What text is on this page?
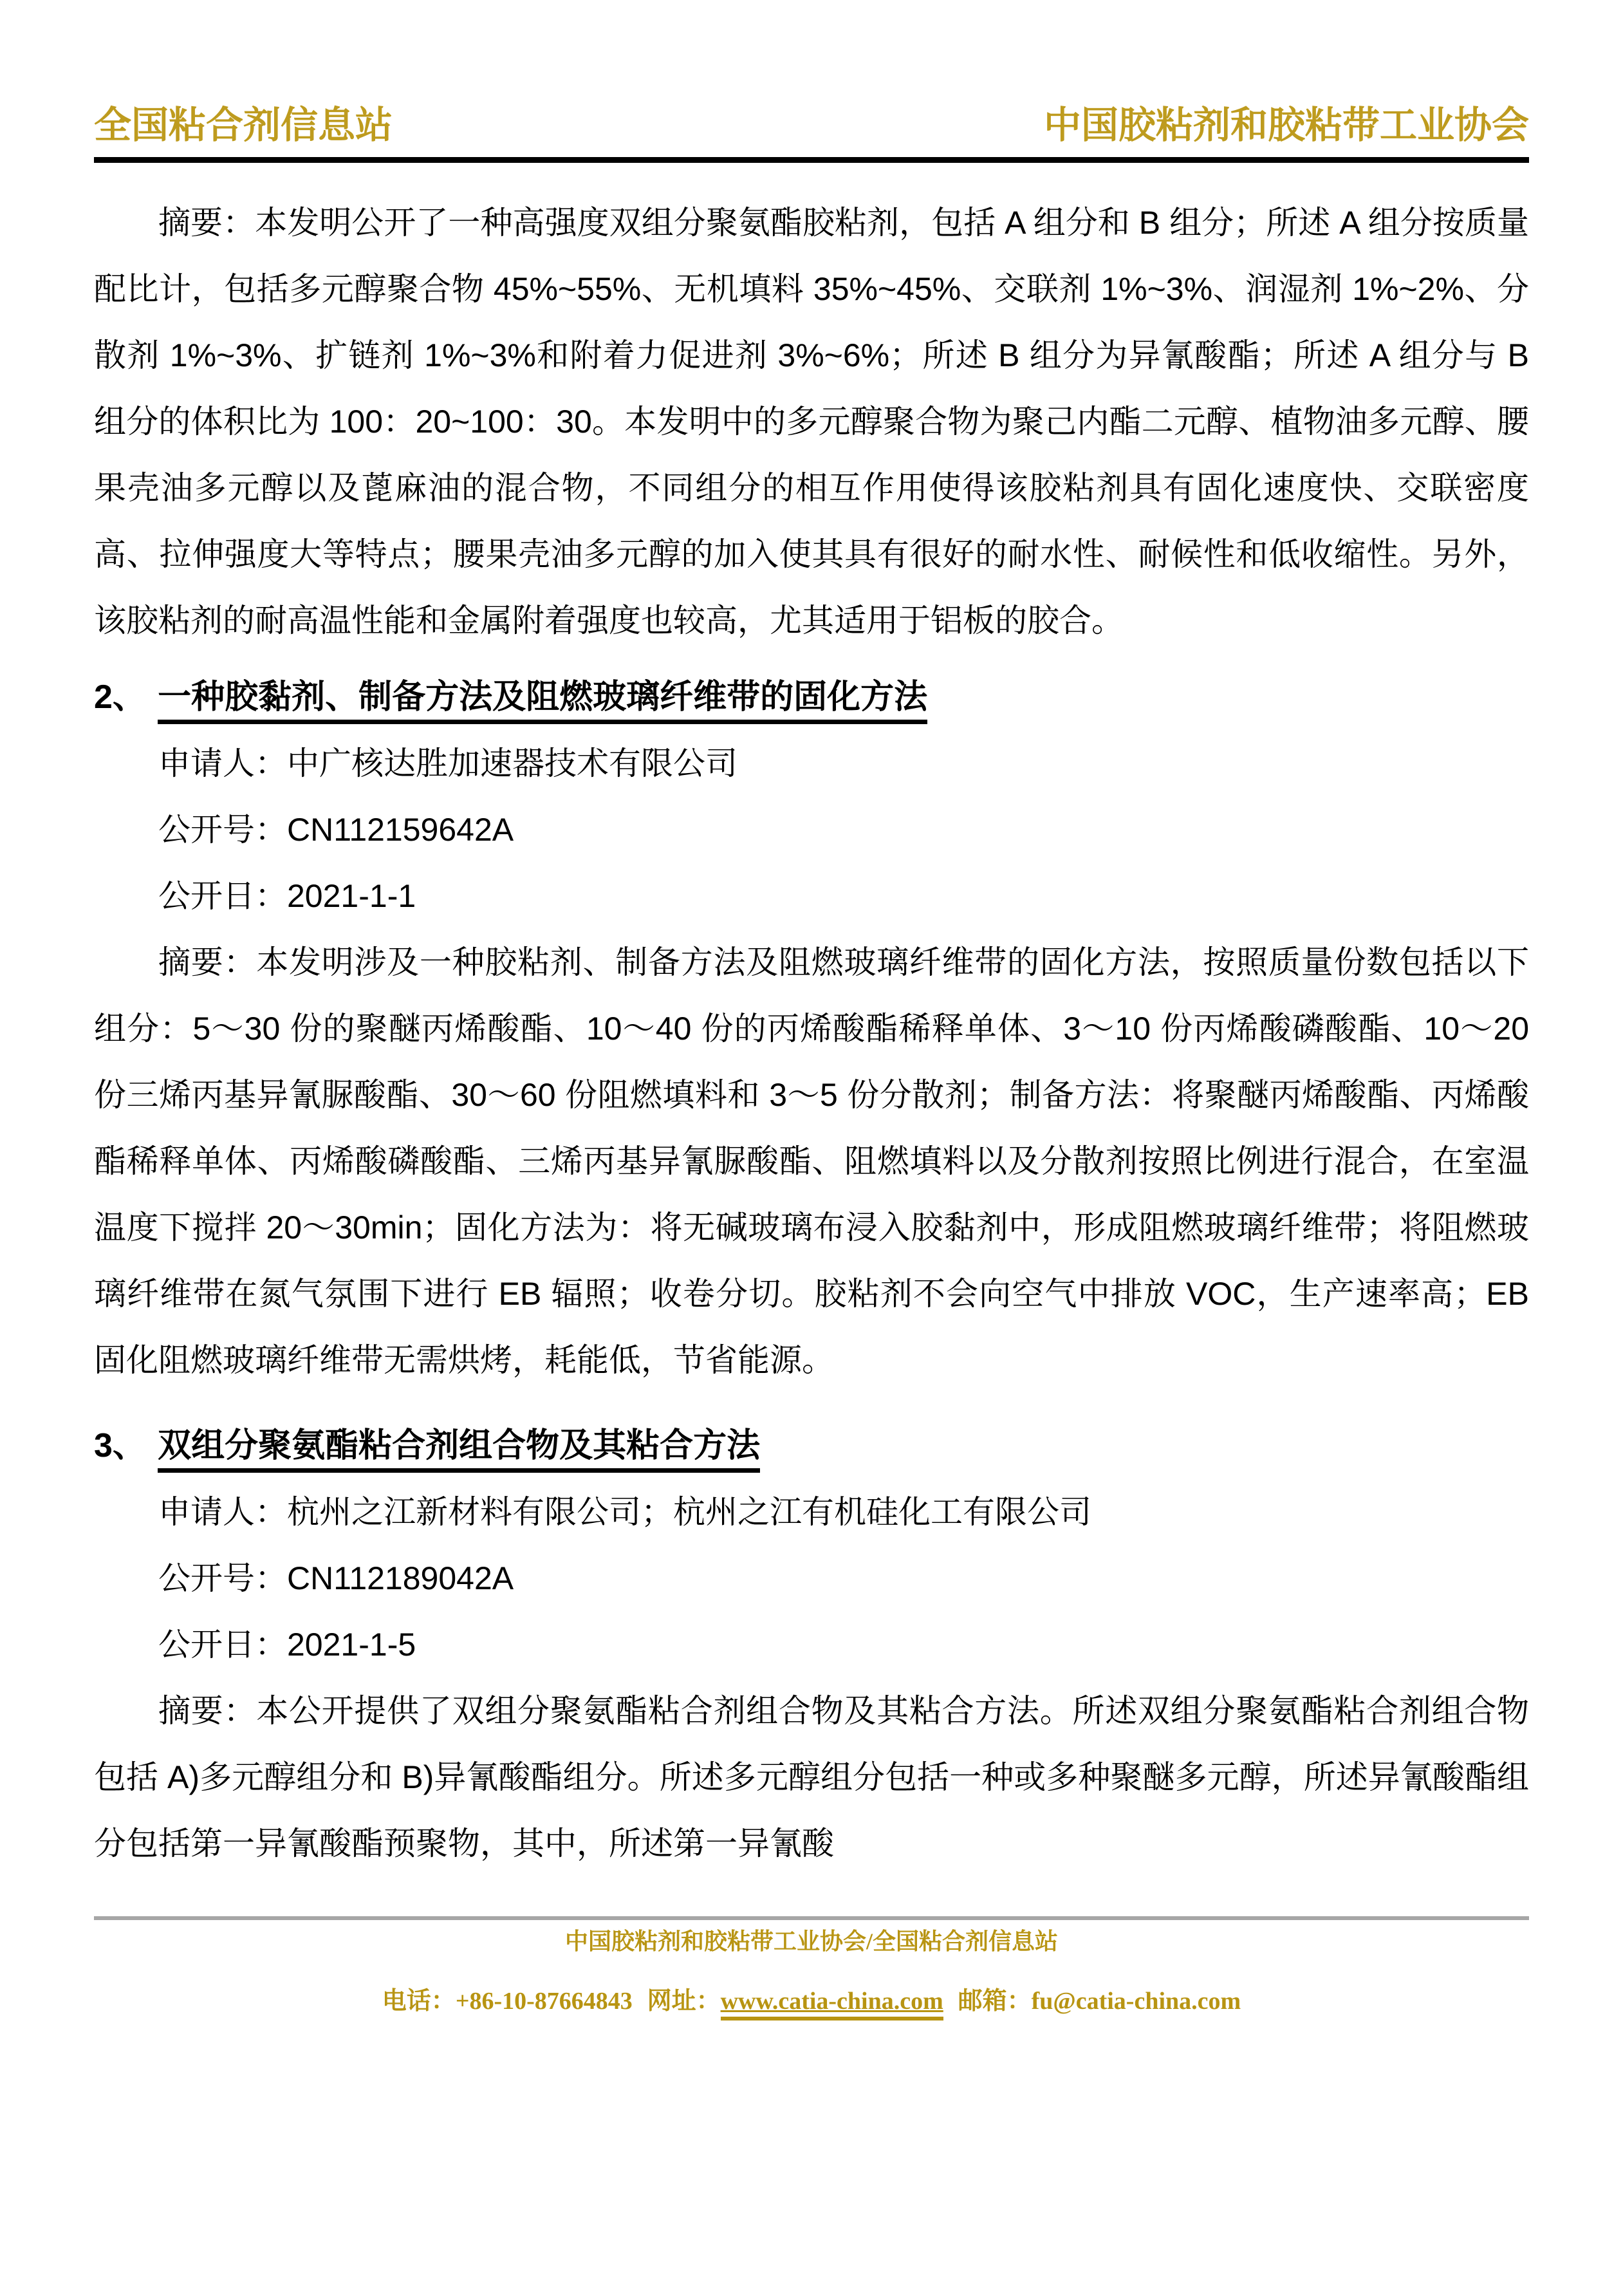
全国粘合剂信息站	中国胶粘剂和胶粘带工业协会

摘要：本发明公开了一种高强度双组分聚氨酯胶粘剂，包括 A 组分和 B 组分；所述 A 组分按质量配比计，包括多元醇聚合物 45%~55%、无机填料 35%~45%、交联剂 1%~3%、润湿剂 1%~2%、分散剂 1%~3%、扩链剂 1%~3%和附着力促进剂 3%~6%；所述 B 组分为异氰酸酯；所述 A 组分与 B 组分的体积比为 100：20~100：30。本发明中的多元醇聚合物为聚己内酯二元醇、植物油多元醇、腰果壳油多元醇以及蓖麻油的混合物，不同组分的相互作用使得该胶粘剂具有固化速度快、交联密度高、拉伸强度大等特点；腰果壳油多元醇的加入使其具有很好的耐水性、耐候性和低收缩性。另外，该胶粘剂的耐高温性能和金属附着强度也较高，尤其适用于铝板的胶合。

2、 一种胶黏剂、制备方法及阻燃玻璃纤维带的固化方法

申请人：中广核达胜加速器技术有限公司

公开号：CN112159642A

公开日：2021-1-1

摘要：本发明涉及一种胶粘剂、制备方法及阻燃玻璃纤维带的固化方法，按照质量份数包括以下组分：5～30 份的聚醚丙烯酸酯、10～40 份的丙烯酸酯稀释单体、3～10 份丙烯酸磷酸酯、10～20 份三烯丙基异氰脲酸酯、30～60 份阻燃填料和 3～5 份分散剂；制备方法：将聚醚丙烯酸酯、丙烯酸酯稀释单体、丙烯酸磷酸酯、三烯丙基异氰脲酸酯、阻燃填料以及分散剂按照比例进行混合，在室温温度下搅拌 20～30min；固化方法为：将无碱玻璃布浸入胶黏剂中，形成阻燃玻璃纤维带；将阻燃玻璃纤维带在氮气氛围下进行 EB 辐照；收卷分切。胶粘剂不会向空气中排放 VOC，生产速率高；EB 固化阻燃玻璃纤维带无需烘烤，耗能低，节省能源。

3、 双组分聚氨酯粘合剂组合物及其粘合方法

申请人：杭州之江新材料有限公司；杭州之江有机硅化工有限公司

公开号：CN112189042A

公开日：2021-1-5

摘要：本公开提供了双组分聚氨酯粘合剂组合物及其粘合方法。所述双组分聚氨酯粘合剂组合物包括 A)多元醇组分和 B)异氰酸酯组分。所述多元醇组分包括一种或多种聚醚多元醇，所述异氰酸酯组分包括第一异氰酸酯预聚物，其中，所述第一异氰酸

中国胶粘剂和胶粘带工业协会/全国粘合剂信息站
电话：+86-10-87664843 网址：www.catia-china.com 邮箱：fu@catia-china.com
